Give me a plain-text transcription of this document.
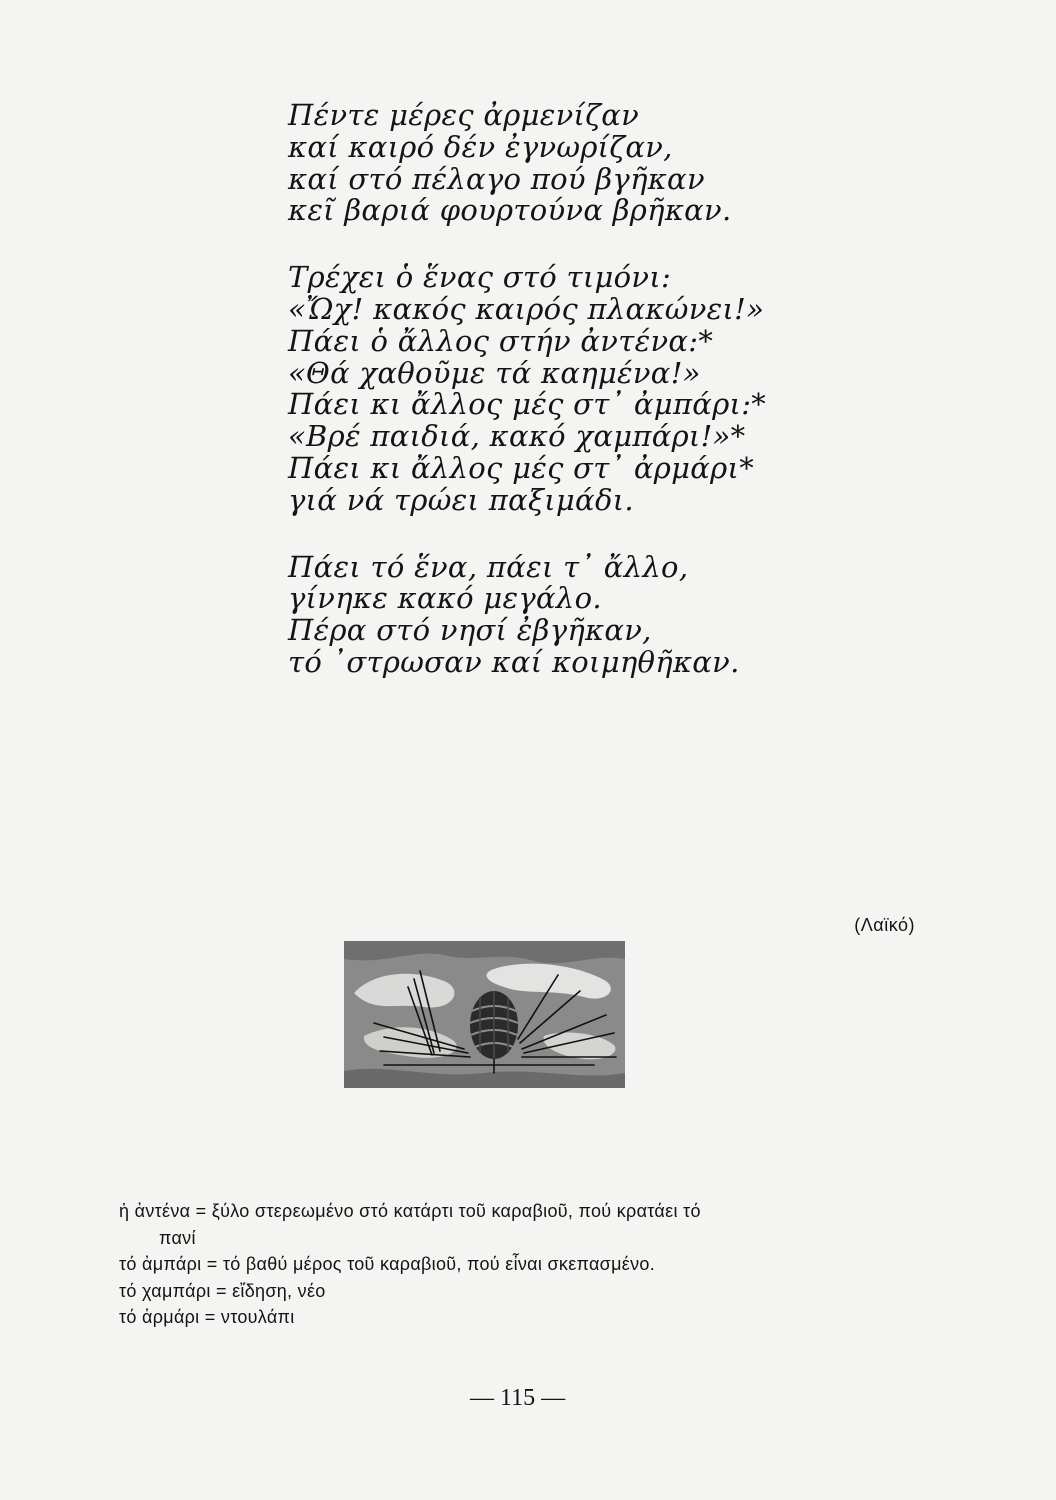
Πέντε μέρες ἀρμενίζαν
καί καιρό δέν ἐγνωρίζαν,
καί στό πέλαγο πού βγῆκαν
κεῖ βαριά φουρτούνα βρῆκαν.
Τρέχει ὁ ἕνας στό τιμόνι:
«Ὤχ! κακός καιρός πλακώνει!»
Πάει ὁ ἄλλος στήν ἀντένα:*
«Θά χαθοῦμε τά καημένα!»
Πάει κι ἄλλος μές στ᾽ ἀμπάρι:*
«Βρέ παιδιά, κακό χαμπάρι!»*
Πάει κι ἄλλος μές στ᾽ ἀρμάρι*
γιά νά τρώει παξιμάδι.
Πάει τό ἕνα, πάει τ᾽ ἄλλο,
γίνηκε κακό μεγάλο.
Πέρα στό νησί ἐβγῆκαν,
τό ᾽στρωσαν καί κοιμηθῆκαν.
(Λαϊκό)
ἡ ἀντένα = ξύλο στερεωμένο στό κατάρτι τοῦ καραβιοῦ, πού κρατάει τό
πανί
τό ἀμπάρι = τό βαθύ μέρος τοῦ καραβιοῦ, πού εἶναι σκεπασμένο.
τό χαμπάρι = εἴδηση, νέο
τό ἀρμάρι = ντουλάπι
— 115 —
